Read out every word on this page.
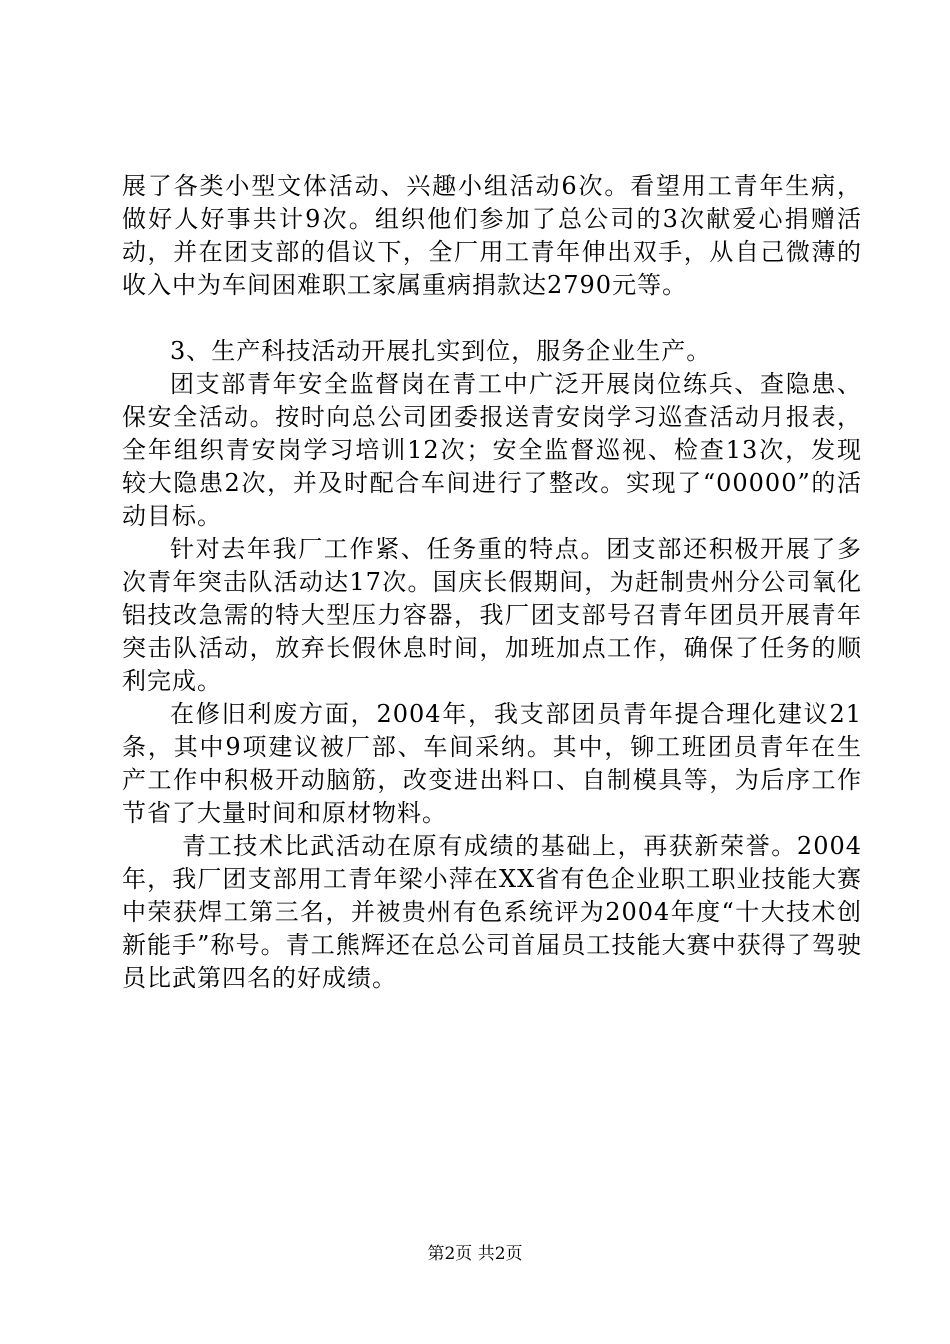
展了各类小型文体活动、兴趣小组活动6次。看望用工青年生病，做好人好事共计9次。组织他们参加了总公司的3次献爱心捐赠活动，并在团支部的倡议下，全厂用工青年伸出双手，从自己微薄的收入中为车间困难职工家属重病捐款达2790元等。

3、生产科技活动开展扎实到位，服务企业生产。

团支部青年安全监督岗在青工中广泛开展岗位练兵、查隐患、保安全活动。按时向总公司团委报送青安岗学习巡查活动月报表，全年组织青安岗学习培训12次；安全监督巡视、检查13次，发现较大隐患2次，并及时配合车间进行了整改。实现了“00000”的活动目标。

针对去年我厂工作紧、任务重的特点。团支部还积极开展了多次青年突击队活动达17次。国庆长假期间，为赶制贵州分公司氧化铝技改急需的特大型压力容器，我厂团支部号召青年团员开展青年突击队活动，放弃长假休息时间，加班加点工作，确保了任务的顺利完成。

在修旧利废方面，2004年，我支部团员青年提合理化建议21条，其中9项建议被厂部、车间采纳。其中，铆工班团员青年在生产工作中积极开动脑筋，改变进出料口、自制模具等，为后序工作节省了大量时间和原材物料。

青工技术比武活动在原有成绩的基础上，再获新荣誉。2004年，我厂团支部用工青年梁小萍在XX省有色企业职工职业技能大赛中荣获焊工第三名，并被贵州有色系统评为2004年度“十大技术创新能手”称号。青工熊辉还在总公司首届员工技能大赛中获得了驾驶员比武第四名的好成绩。

第2页 共2页
